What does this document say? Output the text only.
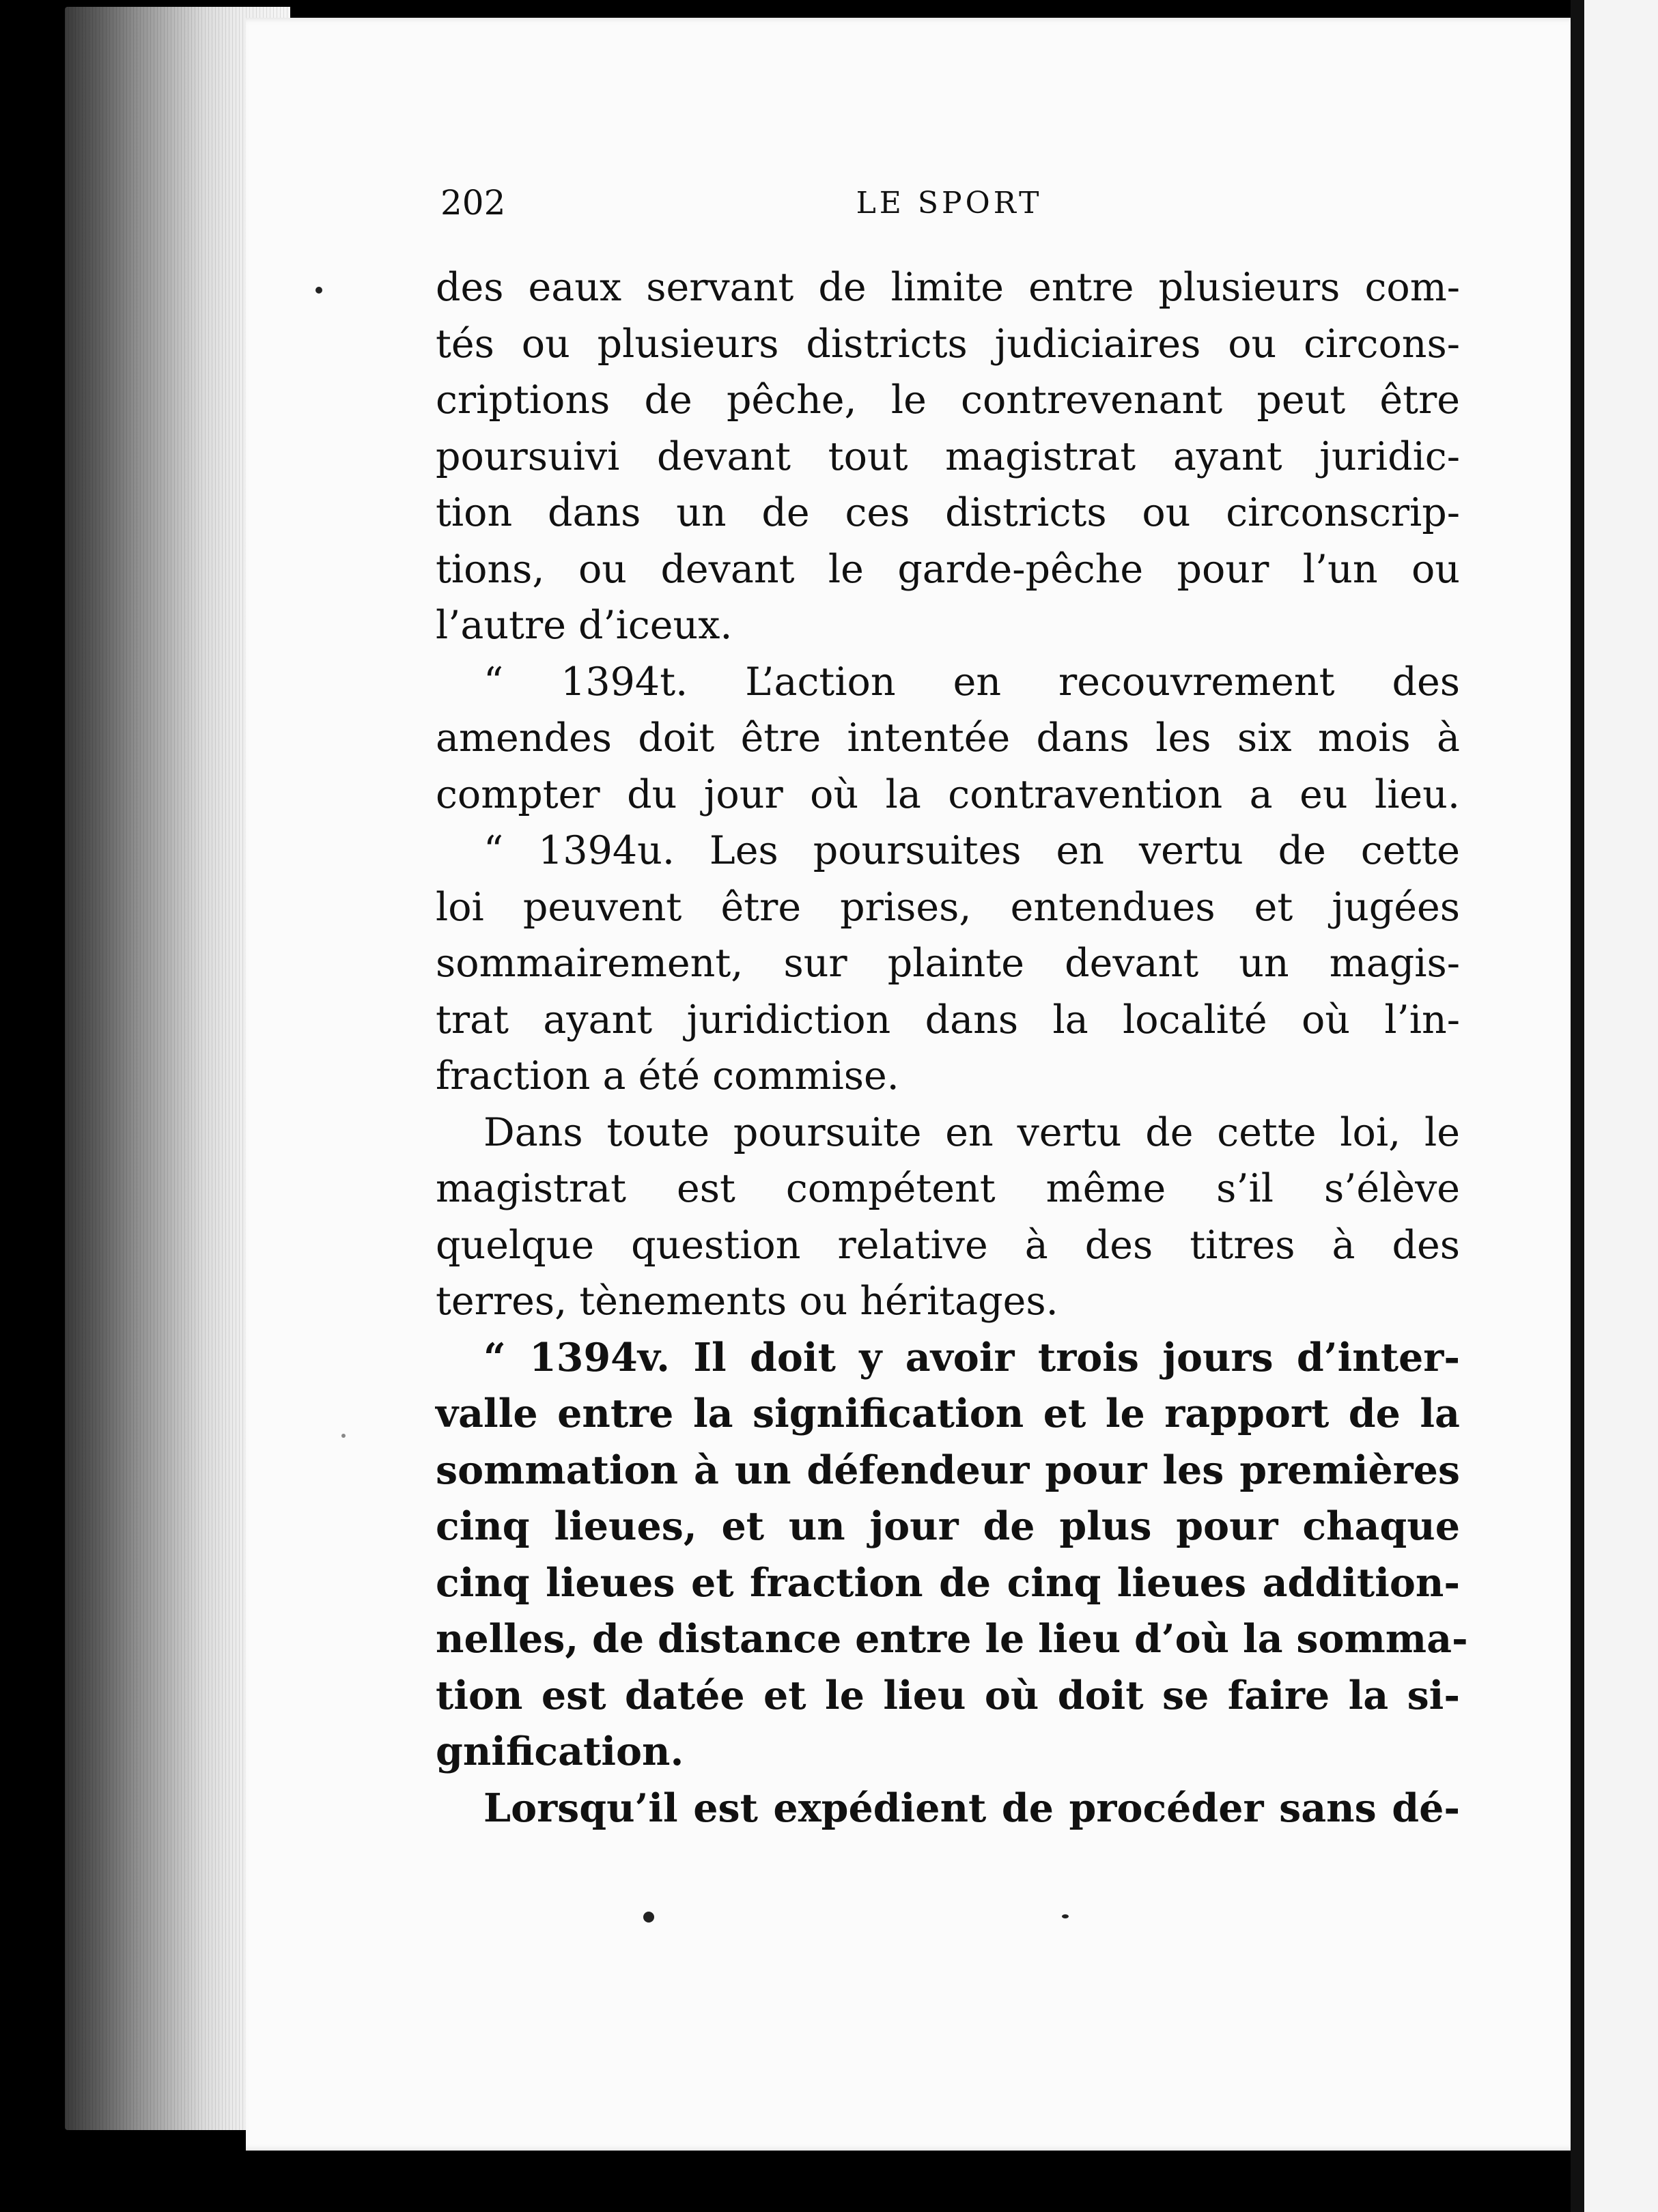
202	LE SPORT
des eaux servant de limite entre plusieurs com-
tés ou plusieurs districts judiciaires ou circons-
criptions de pêche, le contrevenant peut être
poursuivi devant tout magistrat ayant juridic-
tion dans un de ces districts ou circonscrip-
tions, ou devant le garde-pêche pour l’un ou
l’autre d’iceux.
“ 1394t. L’action en recouvrement des
amendes doit être intentée dans les six mois à
compter du jour où la contravention a eu lieu.
“ 1394u. Les poursuites en vertu de cette
loi peuvent être prises, entendues et jugées
sommairement, sur plainte devant un magis-
trat ayant juridiction dans la localité où l’in-
fraction a été commise.
Dans toute poursuite en vertu de cette loi, le
magistrat est compétent même s’il s’élève
quelque question relative à des titres à des
terres, tènements ou héritages.
“ 1394v. Il doit y avoir trois jours d’inter-
valle entre la signification et le rapport de la
sommation à un défendeur pour les premières
cinq lieues, et un jour de plus pour chaque
cinq lieues et fraction de cinq lieues addition-
nelles, de distance entre le lieu d’où la somma-
tion est datée et le lieu où doit se faire la si-
gnification.
Lorsqu’il est expédient de procéder sans dé-
